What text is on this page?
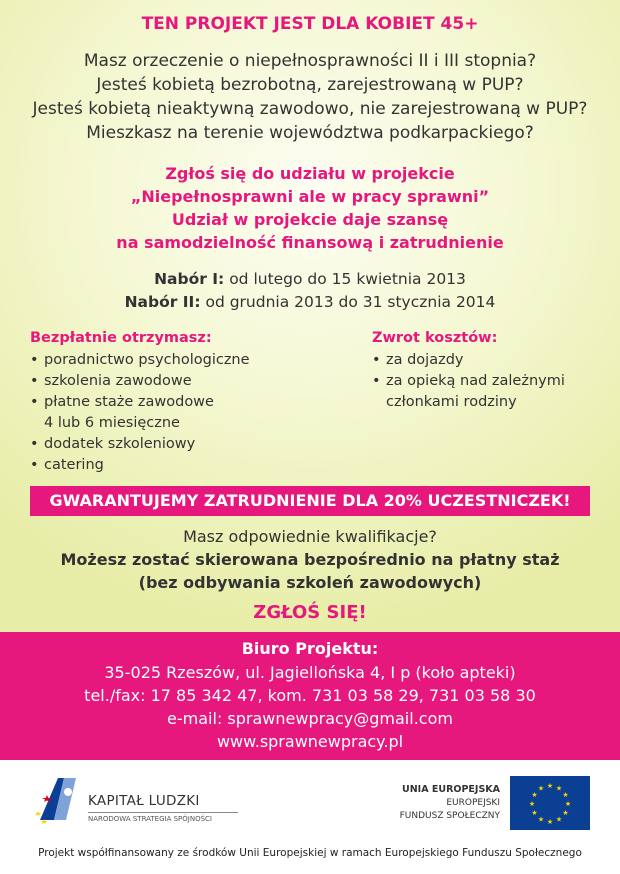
TEN PROJEKT JEST DLA KOBIET 45+
Masz orzeczenie o niepełnosprawności II i III stopnia?
Jesteś kobietą bezrobotną, zarejestrowaną w PUP?
Jesteś kobietą nieaktywną zawodowo, nie zarejestrowaną w PUP?
Mieszkasz na terenie województwa podkarpackiego?
Zgłoś się do udziału w projekcie
„Niepełnosprawni ale w pracy sprawni”
Udział w projekcie daje szansę
na samodzielność finansową i zatrudnienie
Nabór I: od lutego do 15 kwietnia 2013
Nabór II: od grudnia 2013 do 31 stycznia 2014
Bezpłatnie otrzymasz:
• poradnictwo psychologiczne
• szkolenia zawodowe
• płatne staże zawodowe
4 lub 6 miesięczne
• dodatek szkoleniowy
• catering
Zwrot kosztów:
• za dojazdy
• za opieką nad zależnymi
członkami rodziny
GWARANTUJEMY ZATRUDNIENIE DLA 20% UCZESTNICZEK!
Masz odpowiednie kwalifikacje?
Możesz zostać skierowana bezpośrednio na płatny staż
(bez odbywania szkoleń zawodowych)
ZGŁOŚ SIĘ!
Biuro Projektu:
35-025 Rzeszów, ul. Jagiellońska 4, I p (koło apteki)
tel./fax: 17 85 342 47, kom. 731 03 58 29, 731 03 58 30
e-mail: sprawnewpracy@gmail.com
www.sprawnewpracy.pl
KAPITAŁ LUDZKI
NARODOWA STRATEGIA SPÓJNOŚCI
UNIA EUROPEJSKA
EUROPEJSKI
FUNDUSZ SPOŁECZNY
★ ★
★
★
★
★
★
★
★
★
★
★
Projekt współfinansowany ze środków Unii Europejskiej w ramach Europejskiego Funduszu Społecznego
